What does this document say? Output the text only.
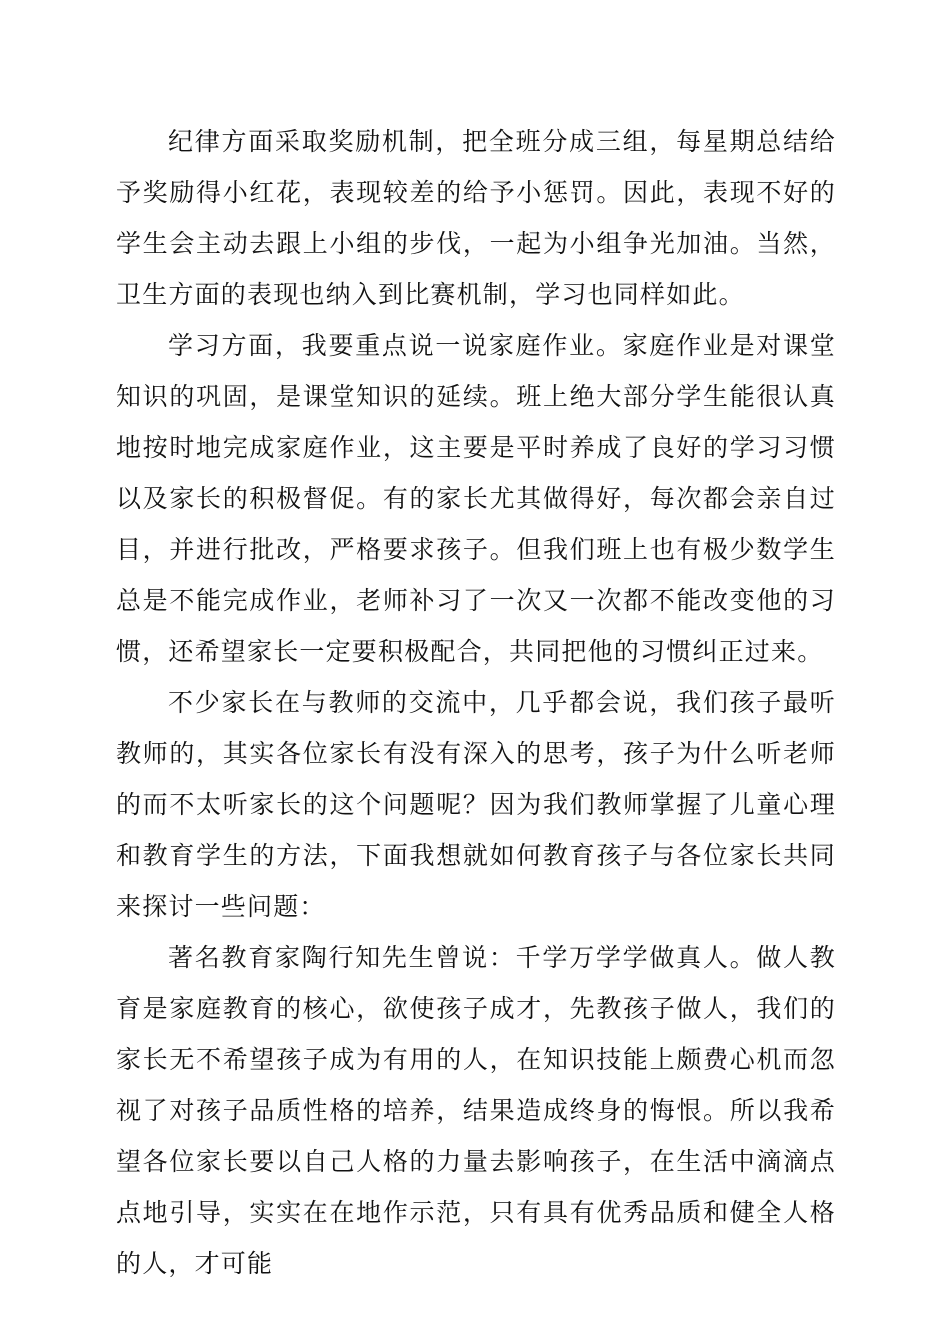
纪律方面采取奖励机制，把全班分成三组，每星期总结给予奖励得小红花，表现较差的给予小惩罚。因此，表现不好的学生会主动去跟上小组的步伐，一起为小组争光加油。当然，卫生方面的表现也纳入到比赛机制，学习也同样如此。

学习方面，我要重点说一说家庭作业。家庭作业是对课堂知识的巩固，是课堂知识的延续。班上绝大部分学生能很认真地按时地完成家庭作业，这主要是平时养成了良好的学习习惯以及家长的积极督促。有的家长尤其做得好，每次都会亲自过目，并进行批改，严格要求孩子。但我们班上也有极少数学生总是不能完成作业，老师补习了一次又一次都不能改变他的习惯，还希望家长一定要积极配合，共同把他的习惯纠正过来。

不少家长在与教师的交流中，几乎都会说，我们孩子最听教师的，其实各位家长有没有深入的思考，孩子为什么听老师的而不太听家长的这个问题呢？因为我们教师掌握了儿童心理和教育学生的方法，下面我想就如何教育孩子与各位家长共同来探讨一些问题：

著名教育家陶行知先生曾说：千学万学学做真人。做人教育是家庭教育的核心，欲使孩子成才，先教孩子做人，我们的家长无不希望孩子成为有用的人，在知识技能上颇费心机而忽视了对孩子品质性格的培养，结果造成终身的悔恨。所以我希望各位家长要以自己人格的力量去影响孩子，在生活中滴滴点点地引导，实实在在地作示范，只有具有优秀品质和健全人格的人，才可能
